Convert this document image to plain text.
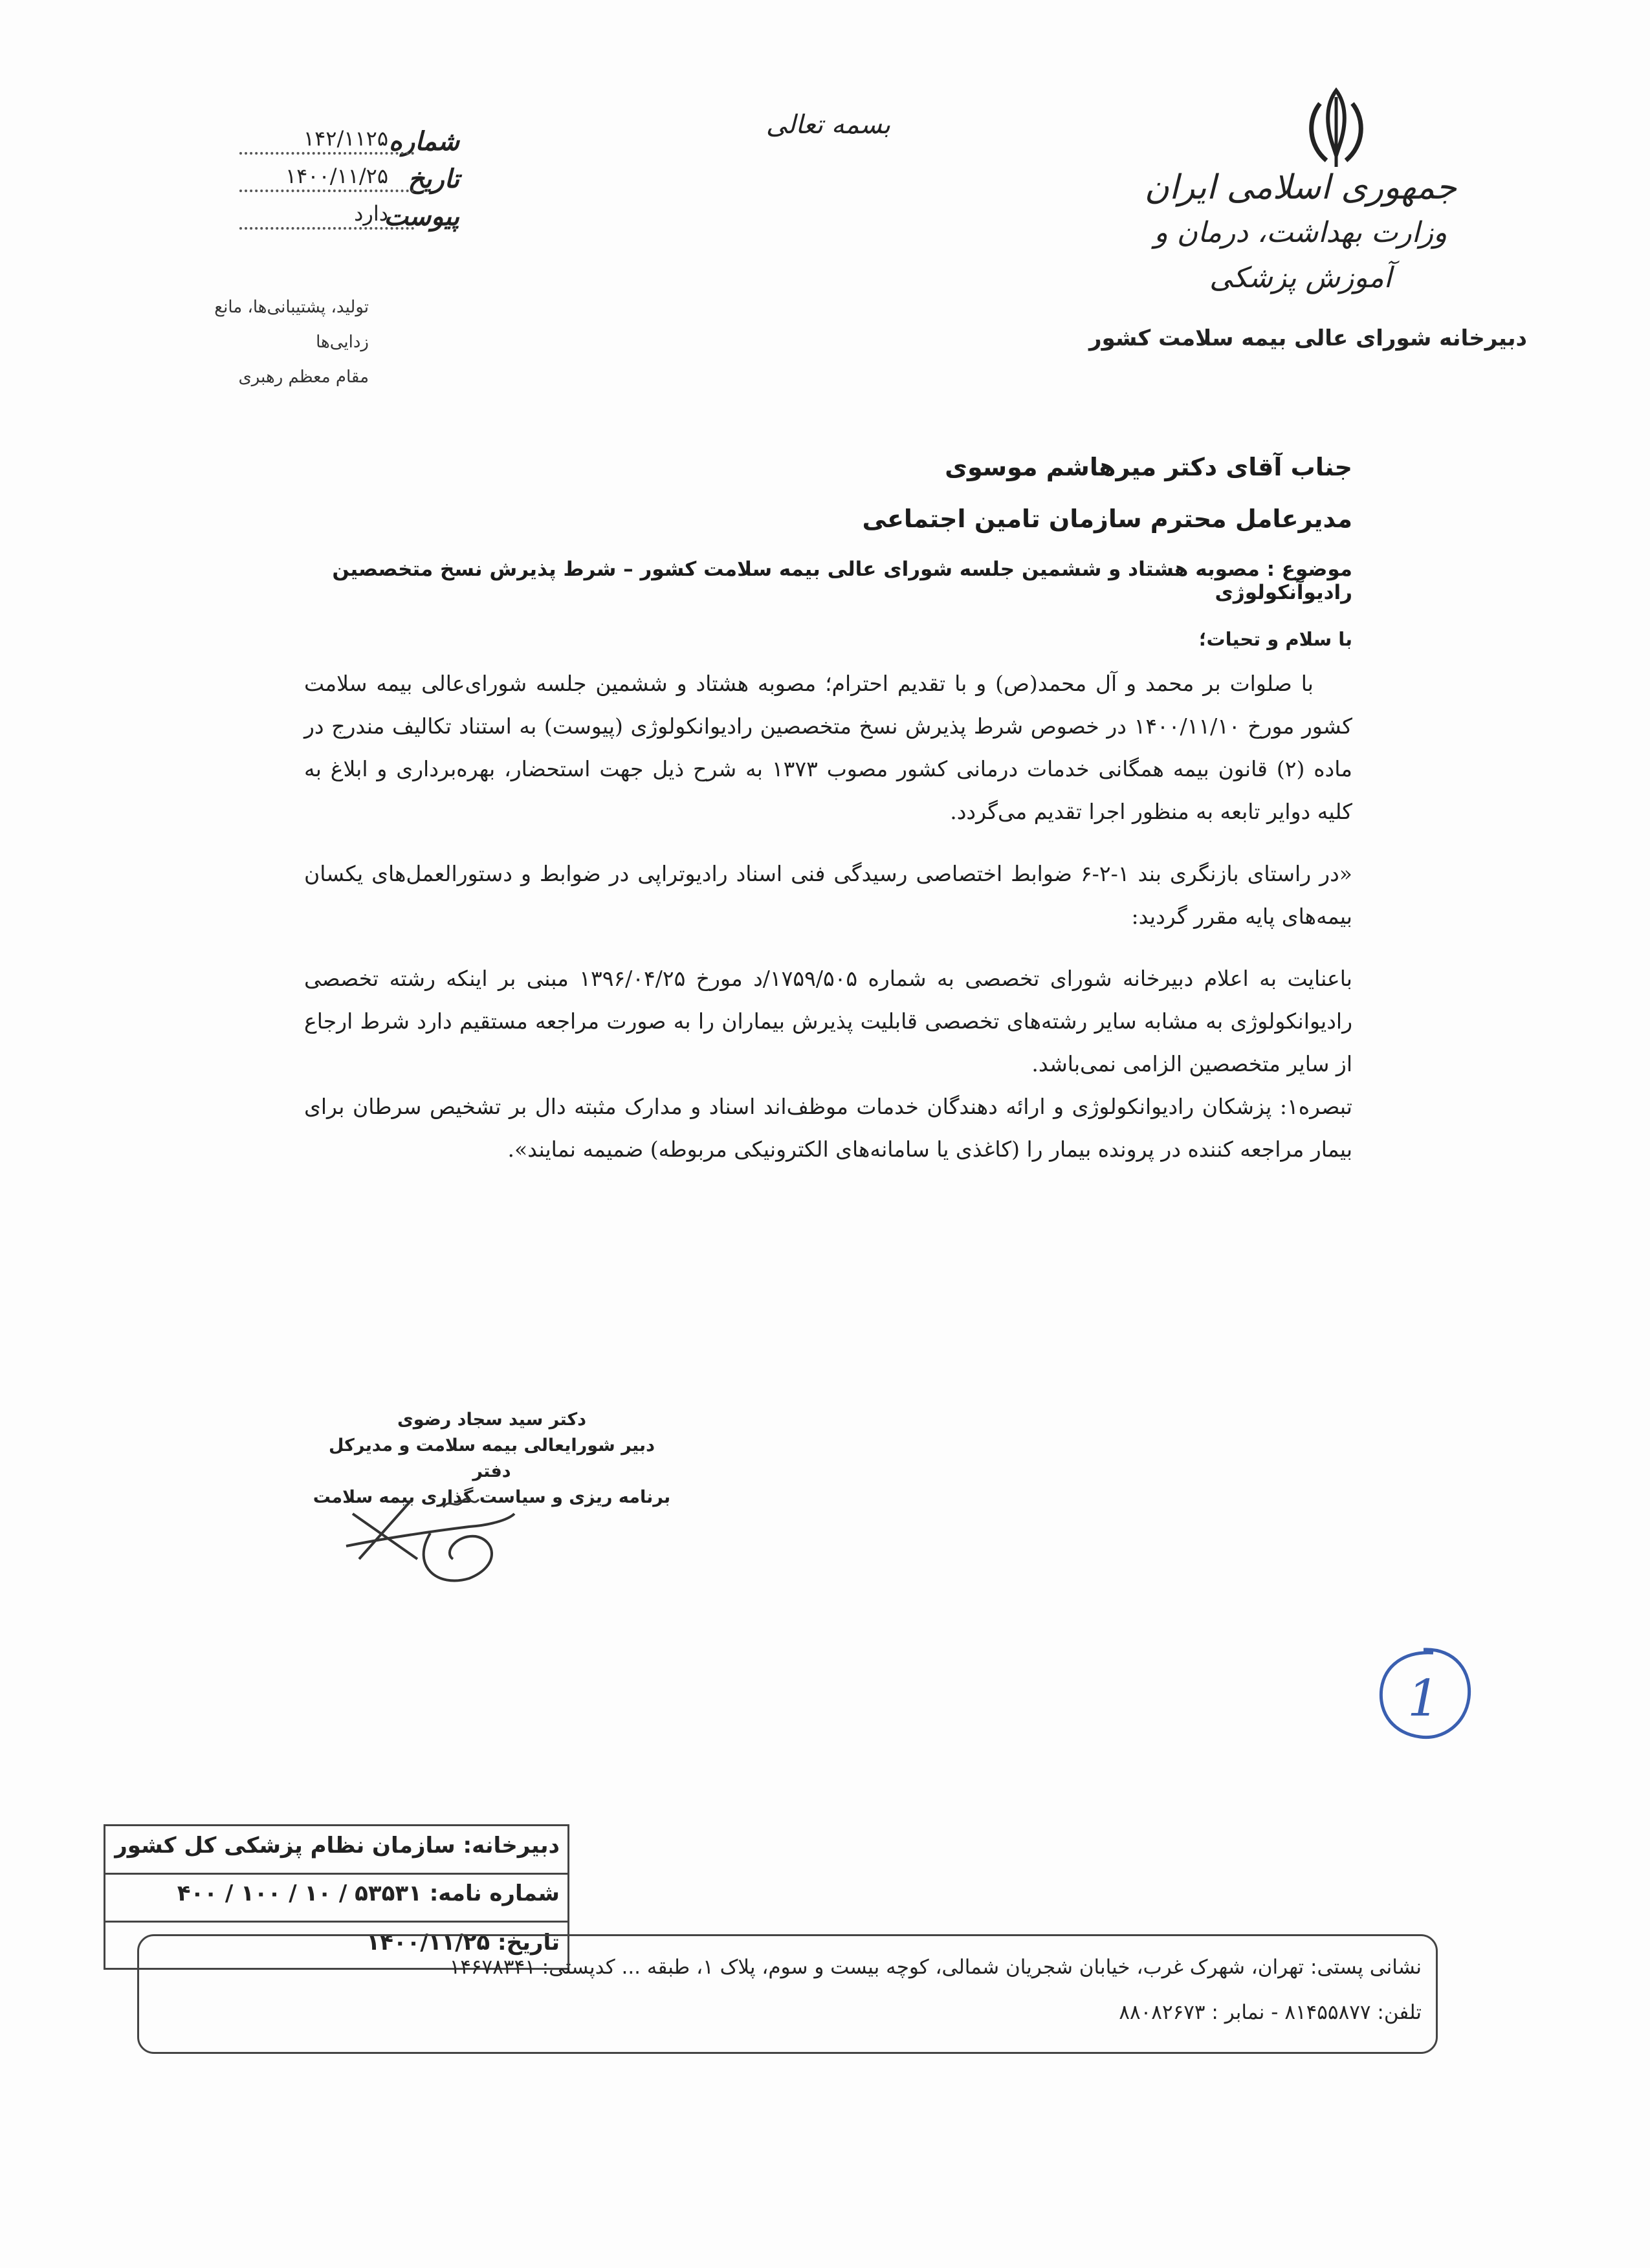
جمهوری اسلامی ایران
وزارت بهداشت، درمان و آموزش پزشکی
دبیرخانه شورای عالی بیمه سلامت کشور
بسمه تعالی
شماره
۱۴۲/۱۱۲۵
تاریخ
۱۴۰۰/۱۱/۲۵
پیوست
دارد
تولید، پشتیبانی‌ها، مانع زدایی‌ها
مقام معظم رهبری
جناب آقای دکتر میرهاشم موسوی
مدیرعامل محترم سازمان تامین اجتماعی
موضوع : مصوبه هشتاد و ششمین جلسه شورای عالی بیمه سلامت کشور – شرط پذیرش نسخ متخصصین رادیوآنکولوژی

با سلام و تحیات؛

با صلوات بر محمد و آل محمد(ص) و با تقدیم احترام؛ مصوبه هشتاد و ششمین جلسه شورای‌عالی بیمه سلامت کشور مورخ ۱۴۰۰/۱۱/۱۰ در خصوص شرط پذیرش نسخ متخصصین رادیوانکولوژی (پیوست) به استناد تکالیف مندرج در ماده (۲) قانون بیمه همگانی خدمات درمانی کشور مصوب ۱۳۷۳ به شرح ذیل جهت استحضار، بهره‌برداری و ابلاغ به کلیه دوایر تابعه به منظور اجرا تقدیم می‌گردد.

«در راستای بازنگری بند ۱-۲-۶ ضوابط اختصاصی رسیدگی فنی اسناد رادیوتراپی در ضوابط و دستورالعمل‌های یکسان بیمه‌های پایه مقرر گردید:

باعنایت به اعلام دبیرخانه شورای تخصصی به شماره ۱۷۵۹/۵۰۵/د مورخ ۱۳۹۶/۰۴/۲۵ مبنی بر اینکه رشته تخصصی رادیوانکولوژی به مشابه سایر رشته‌های تخصصی قابلیت پذیرش بیماران را به صورت مراجعه مستقیم دارد شرط ارجاع از سایر متخصصین الزامی نمی‌باشد.

تبصره۱: پزشکان رادیوانکولوژی و ارائه دهندگان خدمات موظف‌اند اسناد و مدارک مثبته دال بر تشخیص سرطان برای بیمار مراجعه کننده در پرونده بیمار را (کاغذی یا سامانه‌های الکترونیکی مربوطه) ضمیمه نمایند».

دکتر سید سجاد رضوی
دبیر شورایعالی بیمه سلامت و مدیرکل دفتر
برنامه ریزی و سیاست گذاری بیمه سلامت
1
دبیرخانه: سازمان نظام پزشکی کل کشور
شماره نامه: ۵۳۵۳۱ / ۱۰ / ۱۰۰ / ۴۰۰
تاریخ: ۱۴۰۰/۱۱/۲۵
نشانی پستی: تهران، شهرک غرب، خیابان شجریان شمالی، کوچه بیست و سوم، پلاک ۱، طبقه ... کدپستی: ۱۴۶۷۸۳۴۱
تلفن: ۸۱۴۵۵۸۷۷ - نمابر : ۸۸۰۸۲۶۷۳
